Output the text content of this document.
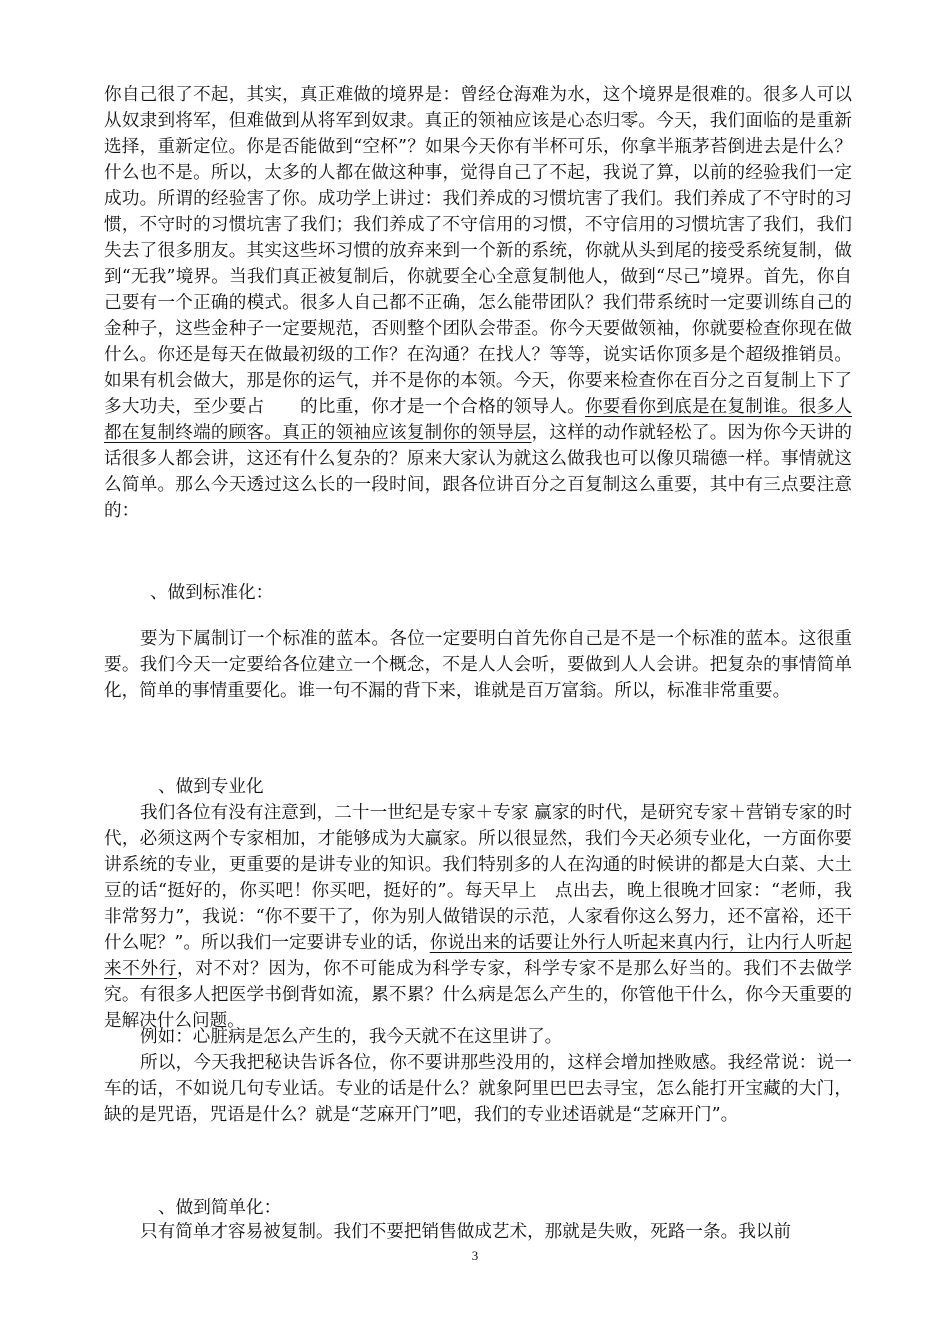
你自己很了不起，其实，真正难做的境界是：曾经仓海难为水，这个境界是很难的。很多人可以从奴隶到将军，但难做到从将军到奴隶。真正的领袖应该是心态归零。今天，我们面临的是重新选择，重新定位。你是否能做到“空杯”？如果今天你有半杯可乐，你拿半瓶茅苔倒进去是什么？什么也不是。所以，太多的人都在做这种事，觉得自己了不起，我说了算，以前的经验我们一定成功。所谓的经验害了你。成功学上讲过：我们养成的习惯坑害了我们。我们养成了不守时的习惯，不守时的习惯坑害了我们；我们养成了不守信用的习惯，不守信用的习惯坑害了我们，我们失去了很多朋友。其实这些坏习惯的放弃来到一个新的系统，你就从头到尾的接受系统复制，做到“无我”境界。当我们真正被复制后，你就要全心全意复制他人，做到“尽己”境界。首先，你自己要有一个正确的模式。很多人自己都不正确，怎么能带团队？我们带系统时一定要训练自己的金种子，这些金种子一定要规范，否则整个团队会带歪。你今天要做领袖，你就要检查你现在做什么。你还是每天在做最初级的工作？在沟通？在找人？等等，说实话你顶多是个超级推销员。如果有机会做大，那是你的运气，并不是你的本领。今天，你要来检查你在百分之百复制上下了多大功夫，至少要占　　的比重，你才是一个合格的领导人。你要看你到底是在复制谁。很多人都在复制终端的顾客。真正的领袖应该复制你的领导层，这样的动作就轻松了。因为你今天讲的话很多人都会讲，这还有什么复杂的？原来大家认为就这么做我也可以像贝瑞德一样。事情就这么简单。那么今天透过这么长的一段时间，跟各位讲百分之百复制这么重要，其中有三点要注意的：

、做到标准化：

要为下属制订一个标准的蓝本。各位一定要明白首先你自己是不是一个标准的蓝本。这很重要。我们今天一定要给各位建立一个概念，不是人人会听，要做到人人会讲。把复杂的事情简单化，简单的事情重要化。谁一句不漏的背下来，谁就是百万富翁。所以，标准非常重要。

、做到专业化

我们各位有没有注意到，二十一世纪是专家＋专家 赢家的时代，是研究专家＋营销专家的时代，必须这两个专家相加，才能够成为大赢家。所以很显然，我们今天必须专业化，一方面你要讲系统的专业，更重要的是讲专业的知识。我们特别多的人在沟通的时候讲的都是大白菜、大土豆的话“挺好的，你买吧！你买吧，挺好的”。每天早上　点出去，晚上很晚才回家：“老师，我非常努力”，我说：“你不要干了，你为别人做错误的示范，人家看你这么努力，还不富裕，还干什么呢？”。所以我们一定要讲专业的话，你说出来的话要让外行人听起来真内行，让内行人听起来不外行，对不对？因为，你不可能成为科学专家，科学专家不是那么好当的。我们不去做学究。有很多人把医学书倒背如流，累不累？什么病是怎么产生的，你管他干什么，你今天重要的是解决什么问题。

例如：心脏病是怎么产生的，我今天就不在这里讲了。

所以，今天我把秘诀告诉各位，你不要讲那些没用的，这样会增加挫败感。我经常说：说一车的话，不如说几句专业话。专业的话是什么？就象阿里巴巴去寻宝，怎么能打开宝藏的大门，缺的是咒语，咒语是什么？就是“芝麻开门”吧，我们的专业述语就是“芝麻开门”。

、做到简单化：

只有简单才容易被复制。我们不要把销售做成艺术，那就是失败，死路一条。我以前

3
